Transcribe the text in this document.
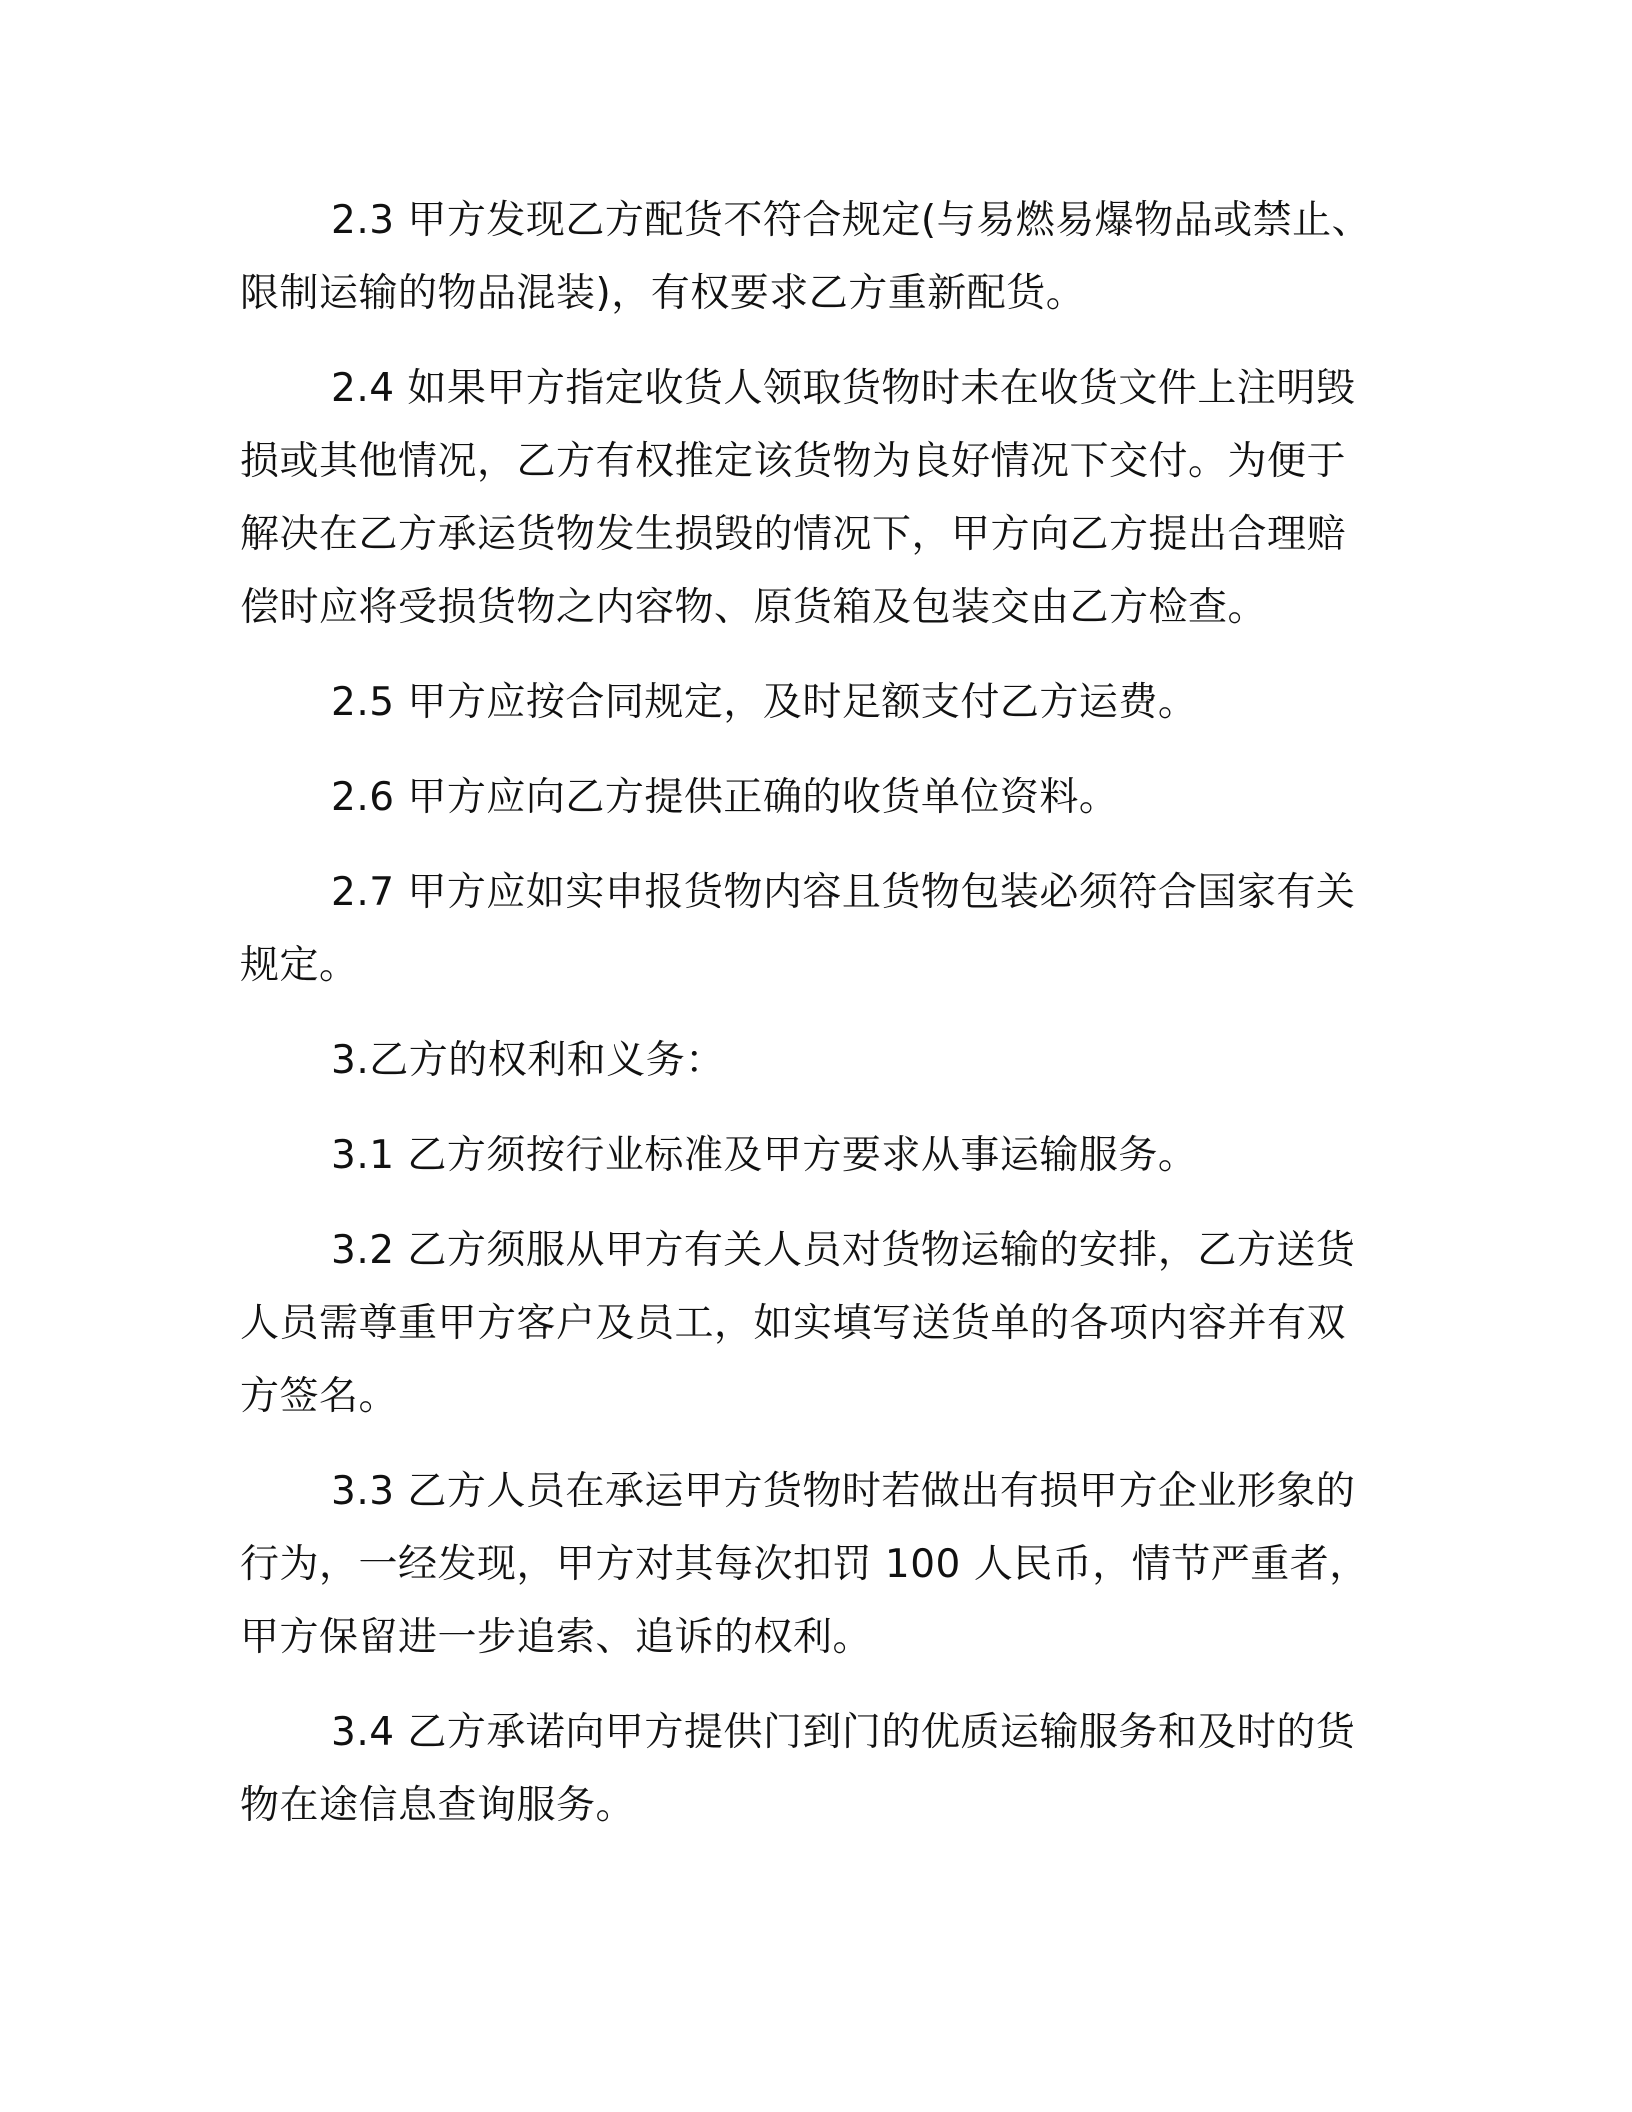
2.3 甲方发现乙方配货不符合规定(与易燃易爆物品或禁止、限制运输的物品混装)，有权要求乙方重新配货。

2.4 如果甲方指定收货人领取货物时未在收货文件上注明毁损或其他情况，乙方有权推定该货物为良好情况下交付。为便于解决在乙方承运货物发生损毁的情况下，甲方向乙方提出合理赔偿时应将受损货物之内容物、原货箱及包装交由乙方检查。

2.5 甲方应按合同规定，及时足额支付乙方运费。

2.6 甲方应向乙方提供正确的收货单位资料。

2.7 甲方应如实申报货物内容且货物包装必须符合国家有关规定。

3.乙方的权利和义务：

3.1 乙方须按行业标准及甲方要求从事运输服务。

3.2 乙方须服从甲方有关人员对货物运输的安排，乙方送货人员需尊重甲方客户及员工，如实填写送货单的各项内容并有双方签名。

3.3 乙方人员在承运甲方货物时若做出有损甲方企业形象的行为，一经发现，甲方对其每次扣罚 100 人民币，情节严重者，甲方保留进一步追索、追诉的权利。

3.4 乙方承诺向甲方提供门到门的优质运输服务和及时的货物在途信息查询服务。
